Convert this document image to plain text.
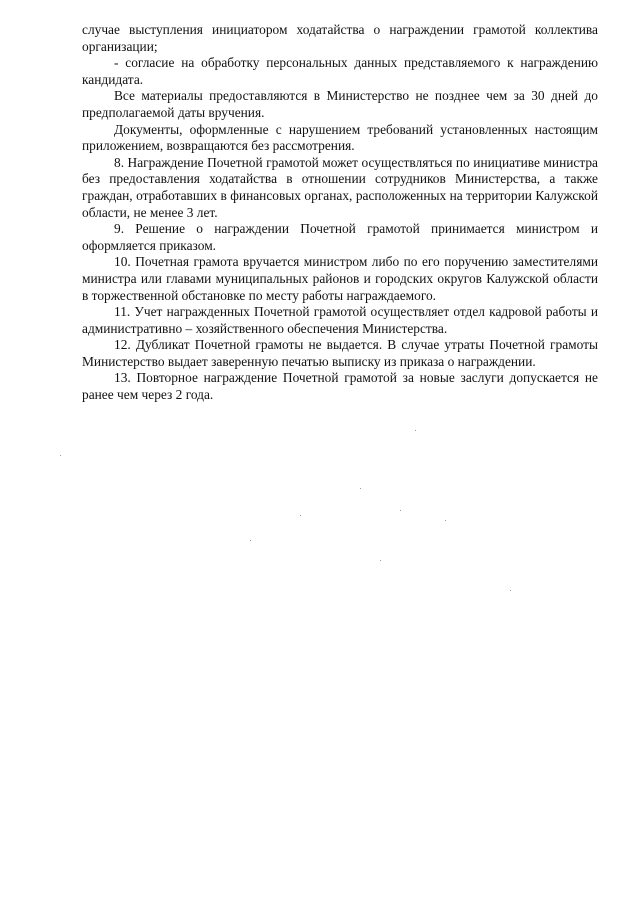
случае выступления инициатором ходатайства о награждении грамотой коллектива организации;

- согласие на обработку персональных данных представляемого к награждению кандидата.

Все материалы предоставляются в Министерство не позднее чем за 30 дней до предполагаемой даты вручения.

Документы, оформленные с нарушением требований установленных настоящим приложением, возвращаются без рассмотрения.

8. Награждение Почетной грамотой может осуществляться по инициативе министра без предоставления ходатайства в отношении сотрудников Министерства, а также граждан, отработавших в финансовых органах, расположенных на территории Калужской области, не менее 3 лет.

9. Решение о награждении Почетной грамотой принимается министром и оформляется приказом.

10. Почетная грамота вручается министром либо по его поручению заместителями министра или главами муниципальных районов и городских округов Калужской области в торжественной обстановке по месту работы награждаемого.

11. Учет награжденных Почетной грамотой осуществляет отдел кадровой работы и административно – хозяйственного обеспечения Министерства.

12. Дубликат Почетной грамоты не выдается. В случае утраты Почетной грамоты Министерство выдает заверенную печатью выписку из приказа о награждении.

13. Повторное награждение Почетной грамотой за новые заслуги допускается не ранее чем через 2 года.
